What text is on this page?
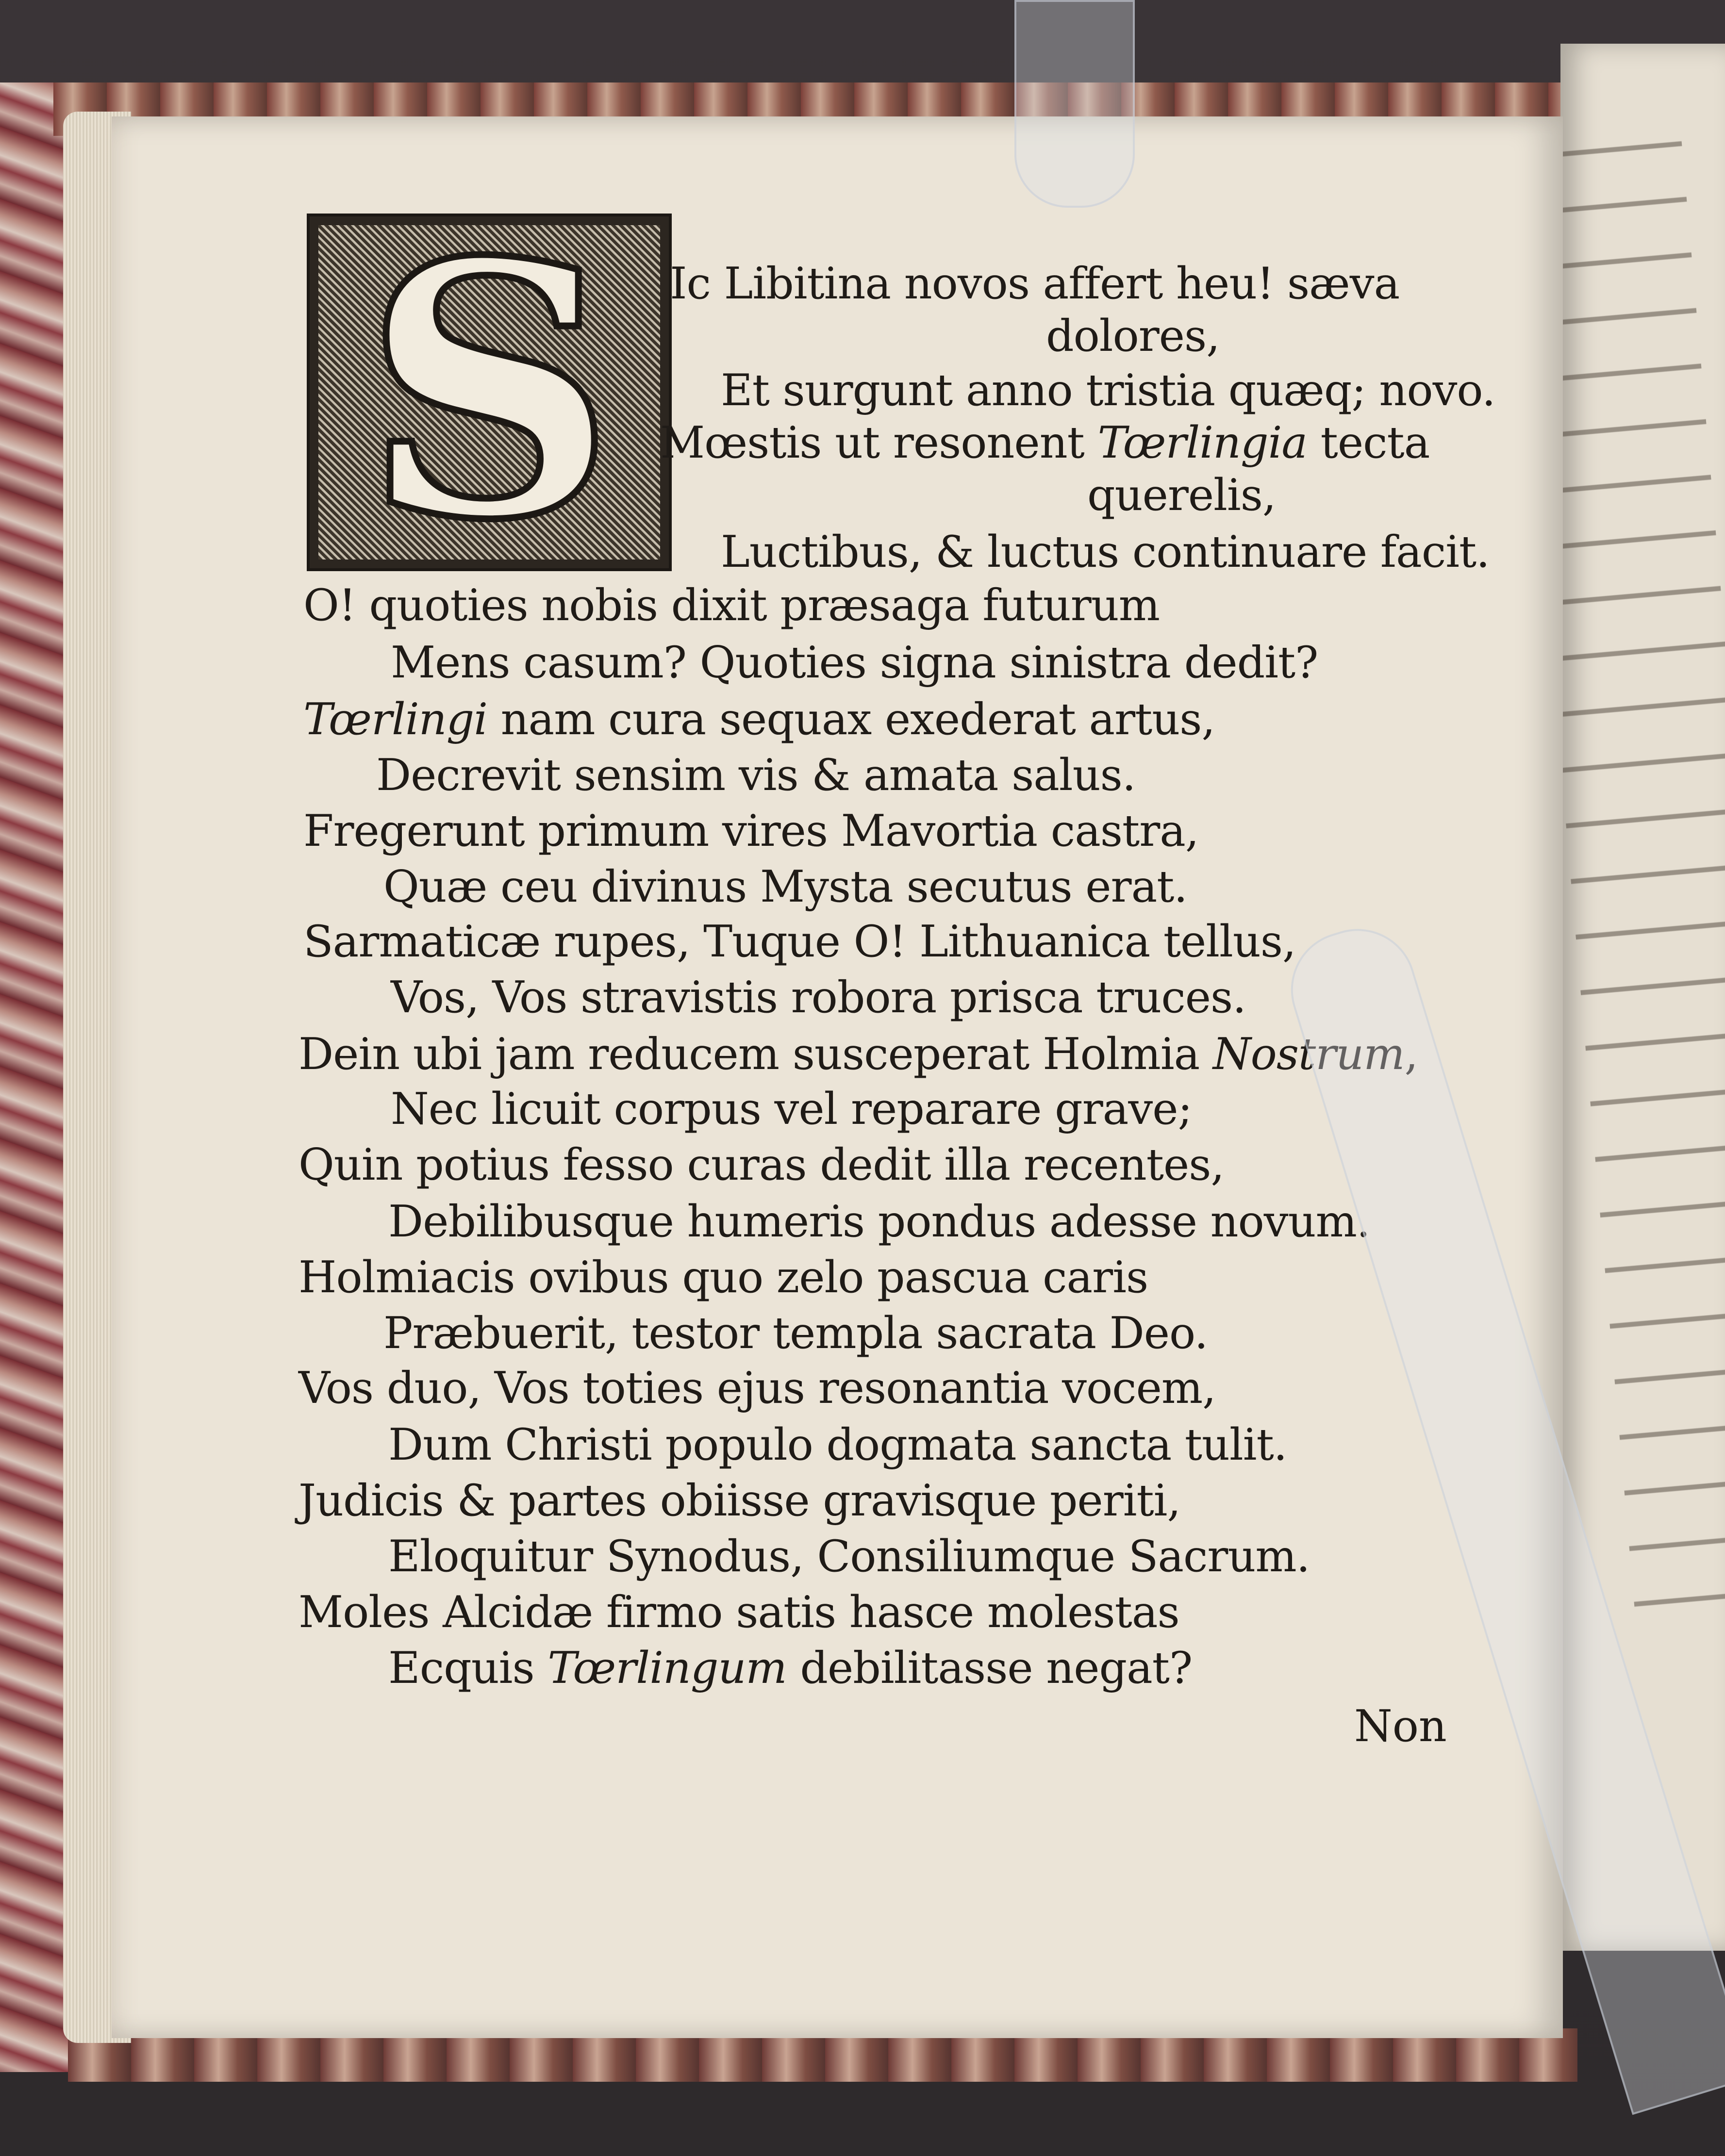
S	Ic Libitina novos affert heu! sæva
dolores,
Et surgunt anno tristia quæq; novo.
Mœstis ut resonent Tœrlingia tecta
querelis,
Luctibus, & luctus continuare facit.
O! quoties nobis dixit præsaga futurum
Mens casum? Quoties signa sinistra dedit?
Tœrlingi nam cura sequax exederat artus,
Decrevit sensim vis & amata salus.
Fregerunt primum vires Mavortia castra,
Quæ ceu divinus Mysta secutus erat.
Sarmaticæ rupes, Tuque O! Lithuanica tellus,
Vos, Vos stravistis robora prisca truces.
Dein ubi jam reducem susceperat Holmia Nostrum,
Nec licuit corpus vel reparare grave;
Quin potius fesso curas dedit illa recentes,
Debilibusque humeris pondus adesse novum.
Holmiacis ovibus quo zelo pascua caris
Præbuerit, testor templa sacrata Deo.
Vos duo, Vos toties ejus resonantia vocem,
Dum Christi populo dogmata sancta tulit.
Judicis & partes obiisse gravisque periti,
Eloquitur Synodus, Consiliumque Sacrum.
Moles Alcidæ firmo satis hasce molestas
Ecquis Tœrlingum debilitasse negat?
Non
